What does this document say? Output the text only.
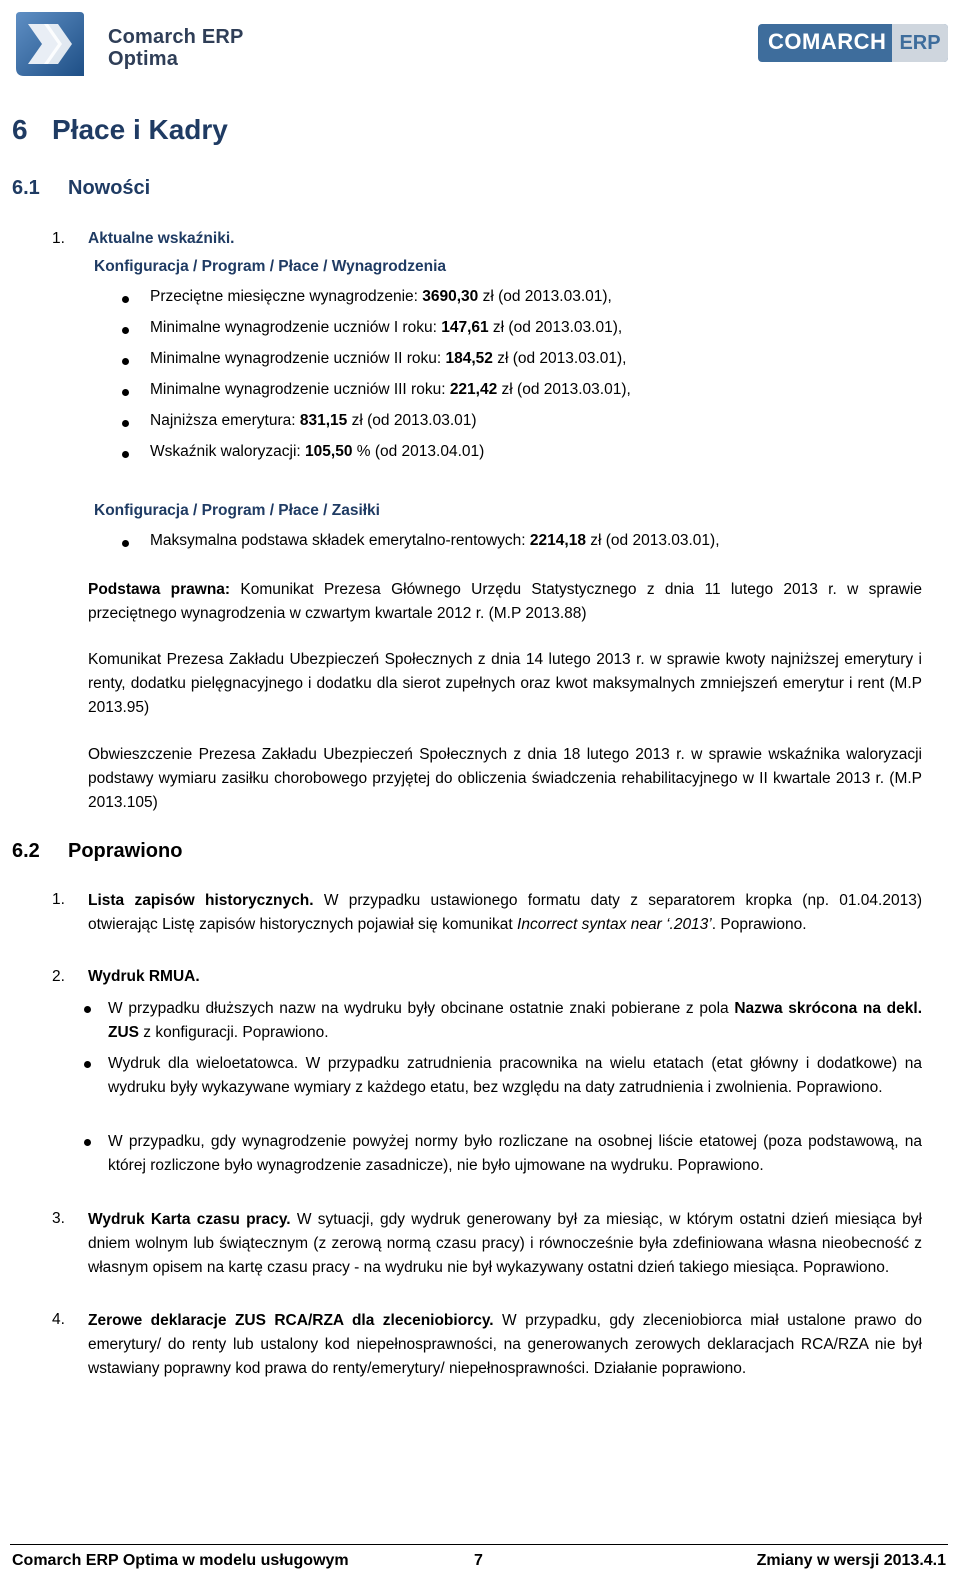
Comarch ERP
Optima
COMARCH ERP
6 Płace i Kadry
6.1 Nowości
1. Aktualne wskaźniki.
Konfiguracja / Program / Płace / Wynagrodzenia
Przeciętne miesięczne wynagrodzenie: 3690,30 zł (od 2013.03.01),
Minimalne wynagrodzenie uczniów I roku: 147,61 zł (od 2013.03.01),
Minimalne wynagrodzenie uczniów II roku: 184,52 zł (od 2013.03.01),
Minimalne wynagrodzenie uczniów III roku: 221,42 zł (od 2013.03.01),
Najniższa emerytura: 831,15 zł (od 2013.03.01)
Wskaźnik waloryzacji: 105,50 % (od 2013.04.01)
Konfiguracja / Program / Płace / Zasiłki
Maksymalna podstawa składek emerytalno-rentowych: 2214,18 zł (od 2013.03.01),
Podstawa prawna: Komunikat Prezesa Głównego Urzędu Statystycznego z dnia 11 lutego 2013 r. w sprawie przeciętnego wynagrodzenia w czwartym kwartale 2012 r. (M.P 2013.88)
Komunikat Prezesa Zakładu Ubezpieczeń Społecznych z dnia 14 lutego 2013 r. w sprawie kwoty najniższej emerytury i renty, dodatku pielęgnacyjnego i dodatku dla sierot zupełnych oraz kwot maksymalnych zmniejszeń emerytur i rent (M.P 2013.95)
Obwieszczenie Prezesa Zakładu Ubezpieczeń Społecznych z dnia 18 lutego 2013 r. w sprawie wskaźnika waloryzacji podstawy wymiaru zasiłku chorobowego przyjętej do obliczenia świadczenia rehabilitacyjnego w II kwartale 2013 r. (M.P 2013.105)
6.2 Poprawiono
1. Lista zapisów historycznych. W przypadku ustawionego formatu daty z separatorem kropka (np. 01.04.2013) otwierając Listę zapisów historycznych pojawiał się komunikat Incorrect syntax near ‘.2013’. Poprawiono.
2. Wydruk RMUA.
W przypadku dłuższych nazw na wydruku były obcinane ostatnie znaki pobierane z pola Nazwa skrócona na dekl. ZUS z konfiguracji. Poprawiono.
Wydruk dla wieloetatowca. W przypadku zatrudnienia pracownika na wielu etatach (etat główny i dodatkowe) na wydruku były wykazywane wymiary z każdego etatu, bez względu na daty zatrudnienia i zwolnienia. Poprawiono.
W przypadku, gdy wynagrodzenie powyżej normy było rozliczane na osobnej liście etatowej (poza podstawową, na której rozliczone było wynagrodzenie zasadnicze), nie było ujmowane na wydruku. Poprawiono.
3. Wydruk Karta czasu pracy. W sytuacji, gdy wydruk generowany był za miesiąc, w którym ostatni dzień miesiąca był dniem wolnym lub świątecznym (z zerową normą czasu pracy) i równocześnie była zdefiniowana własna nieobecność z własnym opisem na kartę czasu pracy - na wydruku nie był wykazywany ostatni dzień takiego miesiąca. Poprawiono.
4. Zerowe deklaracje ZUS RCA/RZA dla zleceniobiorcy. W przypadku, gdy zleceniobiorca miał ustalone prawo do emerytury/ do renty lub ustalony kod niepełnosprawności, na generowanych zerowych deklaracjach RCA/RZA nie był wstawiany poprawny kod prawa do renty/emerytury/ niepełnosprawności. Działanie poprawiono.
Comarch ERP Optima w modelu usługowym	7	Zmiany w wersji 2013.4.1
